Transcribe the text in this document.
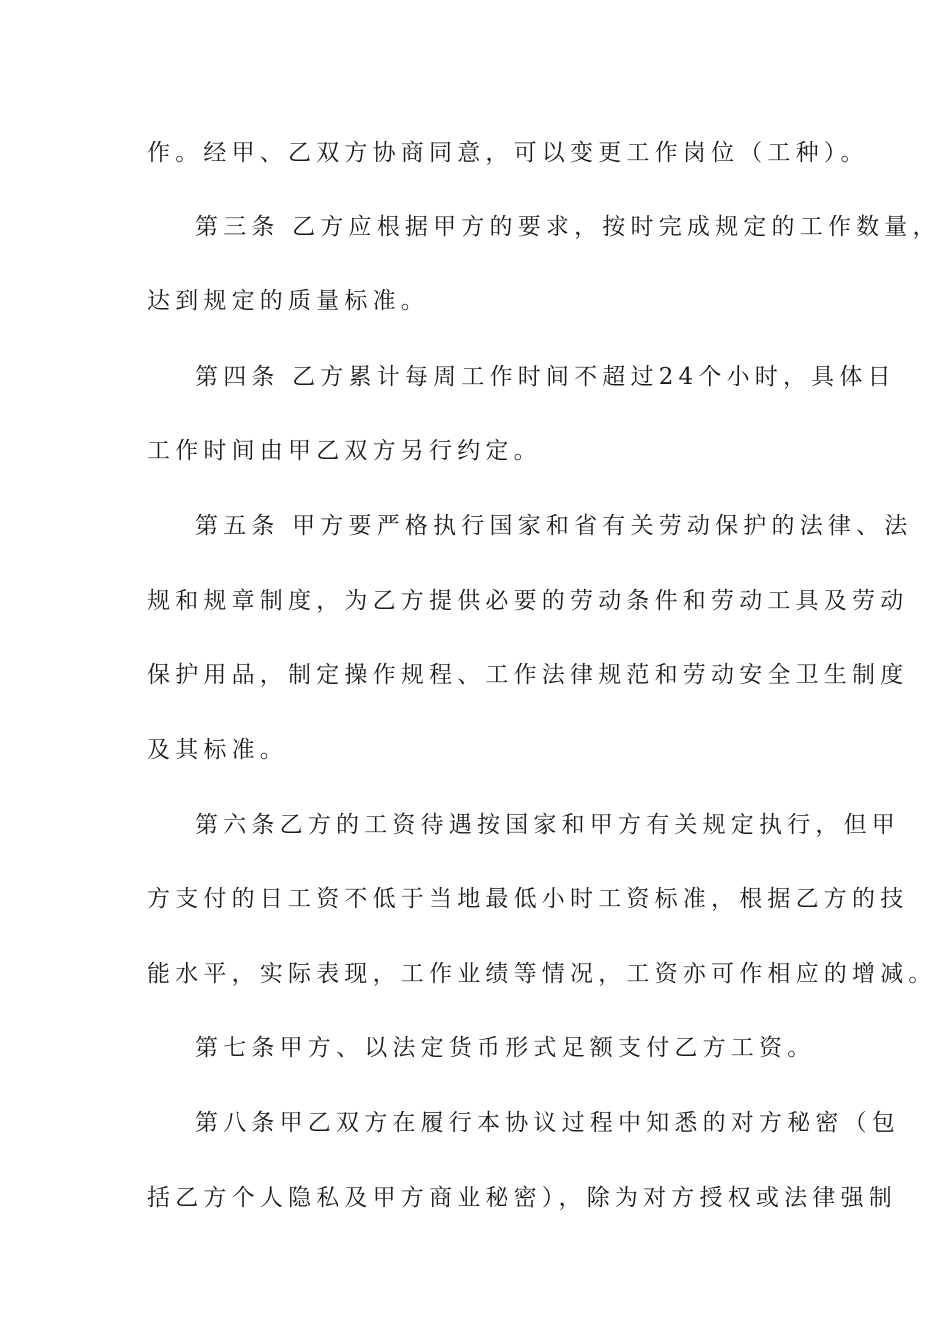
作。经甲、乙双方协商同意，可以变更工作岗位（工种）。
第三条 乙方应根据甲方的要求，按时完成规定的工作数量，
达到规定的质量标准。
第四条 乙方累计每周工作时间不超过24个小时，具体日
工作时间由甲乙双方另行约定。
第五条 甲方要严格执行国家和省有关劳动保护的法律、法
规和规章制度，为乙方提供必要的劳动条件和劳动工具及劳动
保护用品，制定操作规程、工作法律规范和劳动安全卫生制度
及其标准。
第六条乙方的工资待遇按国家和甲方有关规定执行，但甲
方支付的日工资不低于当地最低小时工资标准，根据乙方的技
能水平，实际表现，工作业绩等情况，工资亦可作相应的增减。
第七条甲方、以法定货币形式足额支付乙方工资。
第八条甲乙双方在履行本协议过程中知悉的对方秘密（包
括乙方个人隐私及甲方商业秘密），除为对方授权或法律强制
